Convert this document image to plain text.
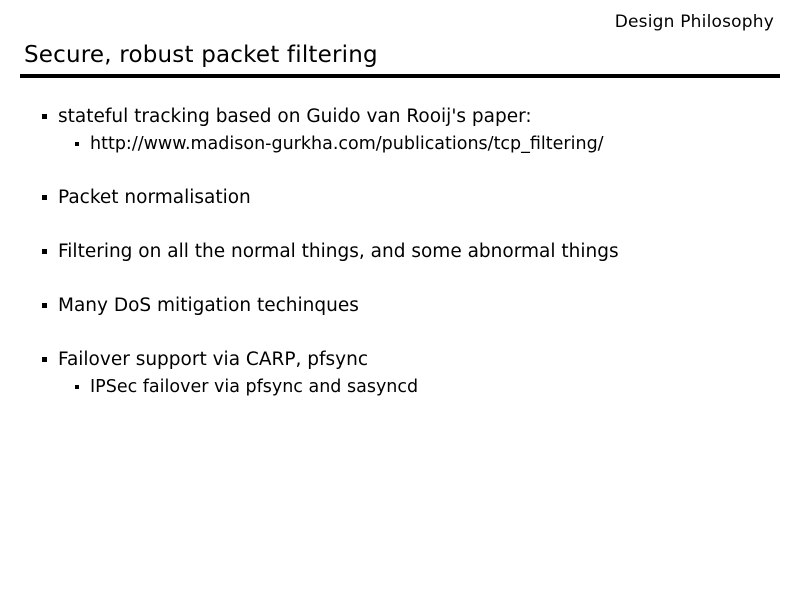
Design Philosophy
Secure, robust packet filtering
stateful tracking based on Guido van Rooij's paper:
http://www.madison-gurkha.com/publications/tcp_filtering/
Packet normalisation
Filtering on all the normal things, and some abnormal things
Many DoS mitigation techinques
Failover support via CARP, pfsync
IPSec failover via pfsync and sasyncd
